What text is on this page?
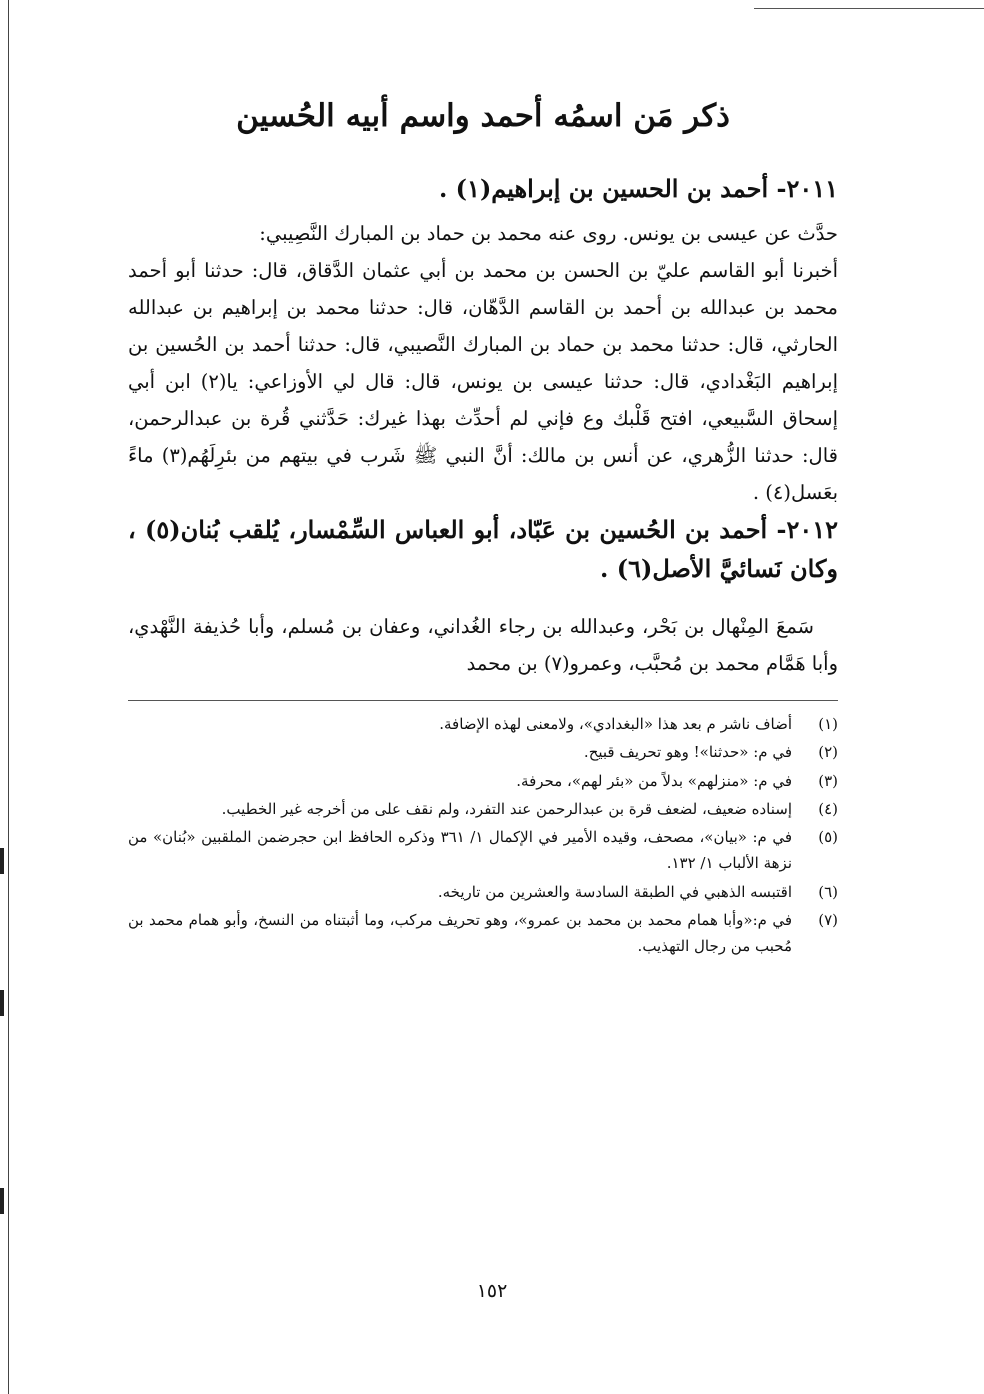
ذكر مَن اسمُه أحمد واسم أبيه الحُسين
٢٠١١- أحمد بن الحسين بن إبراهيم(١) .

حدَّث عن عيسى بن يونس. روى عنه محمد بن حماد بن المبارك النَّصِيبي:

أخبرنا أبو القاسم عليّ بن الحسن بن محمد بن أبي عثمان الدَّقاق، قال: حدثنا أبو أحمد محمد بن عبدالله بن أحمد بن القاسم الدَّهّان، قال: حدثنا محمد بن إبراهيم بن عبدالله الحارثي، قال: حدثنا محمد بن حماد بن المبارك النَّصيبي، قال: حدثنا أحمد بن الحُسين بن إبراهيم البَغْدادي، قال: حدثنا عيسى بن يونس، قال: قال لي الأوزاعي: يا(٢) ابن أبي إسحاق السَّبيعي، افتح قَلْبك وع فإني لم أحدِّث بهذا غيرك: حَدَّثني قُرة بن عبدالرحمن، قال: حدثنا الزُّهري، عن أنس بن مالك: أنَّ النبي ﷺ شَرب في بيتهم من بئرِلَهُم(٣) ماءً بعَسل(٤) .

٢٠١٢- أحمد بن الحُسين بن عَبّاد، أبو العباس السِّمْسار، يُلقب بُنان(٥) ، وكان نَسائيَّ الأصل(٦) .

سَمعَ المِنْهال بن بَحْر، وعبدالله بن رجاء الغُداني، وعفان بن مُسلم، وأبا حُذيفة النَّهْدي، وأبا هَمَّام محمد بن مُحبَّب، وعمرو(٧) بن محمد

(١)
أضاف ناشر م بعد هذا «البغدادي»، ولامعنى لهذه الإضافة.
(٢)
في م: «حدثنا»! وهو تحريف قبيح.
(٣)
في م: «منزلهم» بدلاً من «بئر لهم»، محرفة.
(٤)
إسناده ضعيف، لضعف قرة بن عبدالرحمن عند التفرد، ولم نقف على من أخرجه غير الخطيب.
(٥)
في م: «بيان»، مصحف، وقيده الأمير في الإكمال ١/ ٣٦١ وذكره الحافظ ابن حجرضمن الملقبين «بُنان» من نزهة الألباب ١/ ١٣٢.
(٦)
اقتبسه الذهبي في الطبقة السادسة والعشرين من تاريخه.
(٧)
في م:«وأبا همام محمد بن محمد بن عمرو»، وهو تحريف مركب، وما أثبتناه من النسخ، وأبو همام محمد بن مُحبب من رجال التهذيب.
١٥٢
